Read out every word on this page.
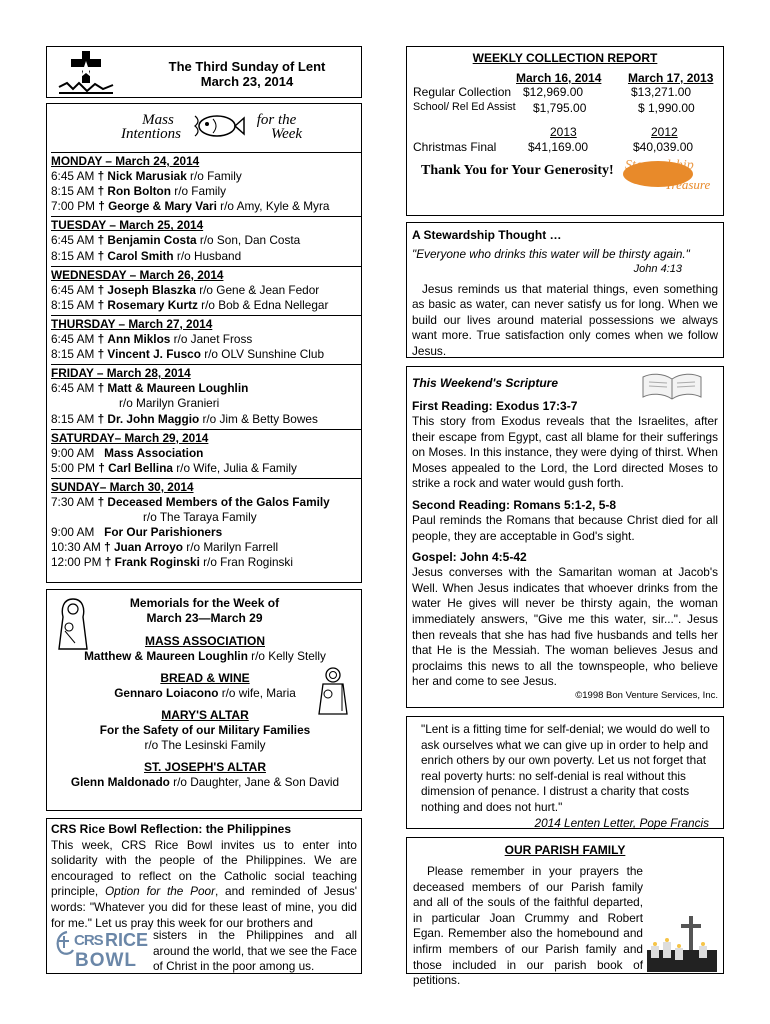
The Third Sunday of Lent
March 23, 2014
Mass
Intentions
for the
Week
MONDAY – March 24, 2014
6:45 AM † Nick Marusiak r/o Family
8:15 AM † Ron Bolton r/o Family
7:00 PM † George & Mary Vari r/o Amy, Kyle & Myra
TUESDAY – March 25, 2014
6:45 AM † Benjamin Costa r/o Son, Dan Costa
8:15 AM † Carol Smith r/o Husband
WEDNESDAY – March 26, 2014
6:45 AM † Joseph Blaszka r/o Gene & Jean Fedor
8:15 AM † Rosemary Kurtz r/o Bob & Edna Nellegar
THURSDAY – March 27, 2014
6:45 AM † Ann Miklos r/o Janet Fross
8:15 AM † Vincent J. Fusco r/o OLV Sunshine Club
FRIDAY – March 28, 2014
6:45 AM † Matt & Maureen Loughlin
r/o Marilyn Granieri
8:15 AM † Dr. John Maggio r/o Jim & Betty Bowes
SATURDAY– March 29, 2014
9:00 AM Mass Association
5:00 PM † Carl Bellina r/o Wife, Julia & Family
SUNDAY– March 30, 2014
7:30 AM † Deceased Members of the Galos Family
r/o The Taraya Family
9:00 AM For Our Parishioners
10:30 AM † Juan Arroyo r/o Marilyn Farrell
12:00 PM † Frank Roginski r/o Fran Roginski
Memorials for the Week of
March 23—March 29
MASS ASSOCIATION
Matthew & Maureen Loughlin r/o Kelly Stelly
BREAD & WINE
Gennaro Loiacono r/o wife, Maria
MARY'S ALTAR
For the Safety of our Military Families
r/o The Lesinski Family
ST. JOSEPH'S ALTAR
Glenn Maldonado r/o Daughter, Jane & Son David
CRS Rice Bowl Reflection: the Philippines
This week, CRS Rice Bowl invites us to enter into solidarity with the people of the Philippines. We are encouraged to reflect on the Catholic social teaching principle, Option for the Poor, and reminded of Jesus' words: "Whatever you did for these least of mine, you did for me." Let us pray this week for our brothers and
CRS RICE
BOWL
sisters in the Philippines and all around the world, that we see the Face of Christ in the poor among us.
WEEKLY COLLECTION REPORT
March 16, 2014 March 17, 2013
Regular Collection $12,969.00	$13,271.00
School/ Rel Ed Assist $1,795.00	$ 1,990.00
2013	2012
Christmas Final	$41,169.00	$40,039.00
Thank You for Your Generosity! Stewardship
Treasure
A Stewardship Thought …
"Everyone who drinks this water will be thirsty again."
John 4:13
Jesus reminds us that material things, even something as basic as water, can never satisfy us for long. When we build our lives around material possessions we always want more. True satisfaction only comes when we follow Jesus.
This Weekend's Scripture
First Reading: Exodus 17:3-7
This story from Exodus reveals that the Israelites, after their escape from Egypt, cast all blame for their sufferings on Moses. In this instance, they were dying of thirst. When Moses appealed to the Lord, the Lord directed Moses to strike a rock and water would gush forth.
Second Reading: Romans 5:1-2, 5-8
Paul reminds the Romans that because Christ died for all people, they are acceptable in God's sight.
Gospel: John 4:5-42
Jesus converses with the Samaritan woman at Jacob's Well. When Jesus indicates that whoever drinks from the water He gives will never be thirsty again, the woman immediately answers, "Give me this water, sir...". Jesus then reveals that she has had five husbands and tells her that He is the Messiah. The woman believes Jesus and proclaims this news to all the townspeople, who believe her and come to see Jesus.
©1998 Bon Venture Services, Inc.
"Lent is a fitting time for self-denial; we would do well to ask ourselves what we can give up in order to help and enrich others by our own poverty. Let us not forget that real poverty hurts: no self-denial is real without this dimension of penance. I distrust a charity that costs nothing and does not hurt."
2014 Lenten Letter, Pope Francis
OUR PARISH FAMILY
Please remember in your prayers the deceased members of our Parish family and all of the souls of the faithful departed, in particular Joan Crummy and Robert Egan. Remember also the homebound and infirm members of our Parish family and those included in our parish book of petitions.
